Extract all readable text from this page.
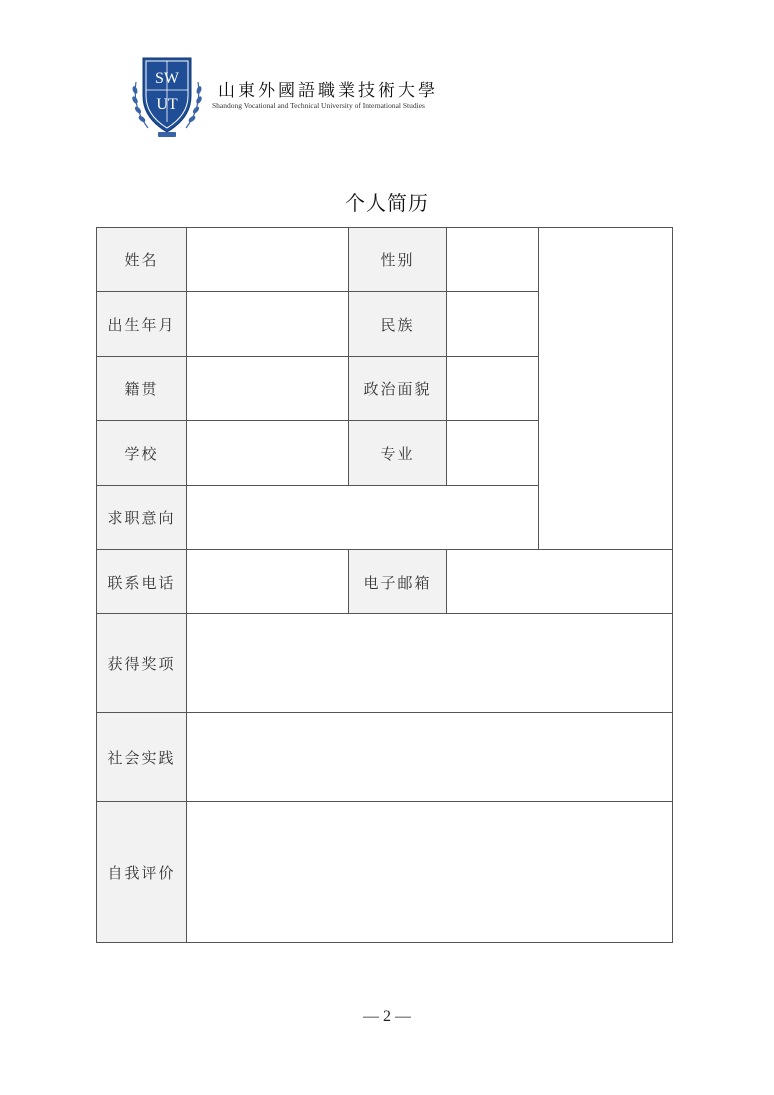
SW
UT
山東外國語職業技術大學
Shandong Vocational and Technical University of International Studies
个人简历
姓名	性别
出生年月	民族
籍贯	政治面貌
学校	专业
求职意向
联系电话	电子邮箱
获得奖项
社会实践
自我评价
— 2 —
